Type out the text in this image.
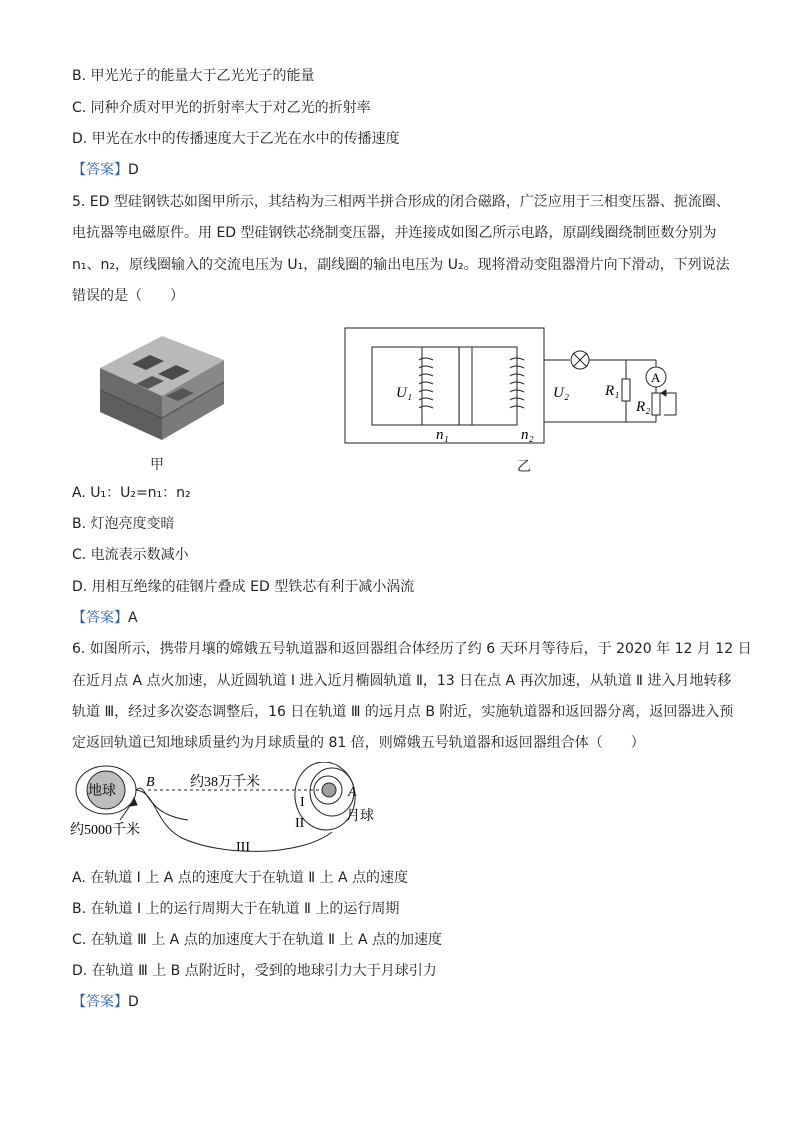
B. 甲光光子的能量大于乙光光子的能量
C. 同种介质对甲光的折射率大于对乙光的折射率
D. 甲光在水中的传播速度大于乙光在水中的传播速度
【答案】D
5. ED 型硅钢铁芯如图甲所示，其结构为三相两半拼合形成的闭合磁路，广泛应用于三相变压器、扼流圈、
电抗器等电磁原件。用 ED 型硅钢铁芯绕制变压器，并连接成如图乙所示电路，原副线圈绕制匝数分别为
n₁、n₂，原线圈输入的交流电压为 U₁，副线圈的输出电压为 U₂。现将滑动变阻器滑片向下滑动，下列说法
错误的是（　　）
甲
U₁	U₂
n₁	n₂
R₁
R₂
A
乙
A. U₁：U₂=n₁：n₂
B. 灯泡亮度变暗
C. 电流表示数减小
D. 用相互绝缘的硅钢片叠成 ED 型铁芯有利于减小涡流
【答案】A
6. 如图所示，携带月壤的嫦娥五号轨道器和返回器组合体经历了约 6 天环月等待后，于 2020 年 12 月 12 日
在近月点 A 点火加速，从近圆轨道 Ⅰ 进入近月椭圆轨道 Ⅱ，13 日在点 A 再次加速，从轨道 Ⅱ 进入月地转移
轨道 Ⅲ，经过多次姿态调整后，16 日在轨道 Ⅲ 的远月点 B 附近，实施轨道器和返回器分离，返回器进入预
定返回轨道已知地球质量约为月球质量的 81 倍，则嫦娥五号轨道器和返回器组合体（　　）
地球
B	约38万千米
A
月球
I
II
III
约5000千米
A. 在轨道 Ⅰ 上 A 点的速度大于在轨道 Ⅱ 上 A 点的速度
B. 在轨道 Ⅰ 上的运行周期大于在轨道 Ⅱ 上的运行周期
C. 在轨道 Ⅲ 上 A 点的加速度大于在轨道 Ⅱ 上 A 点的加速度
D. 在轨道 Ⅲ 上 B 点附近时，受到的地球引力大于月球引力
【答案】D
